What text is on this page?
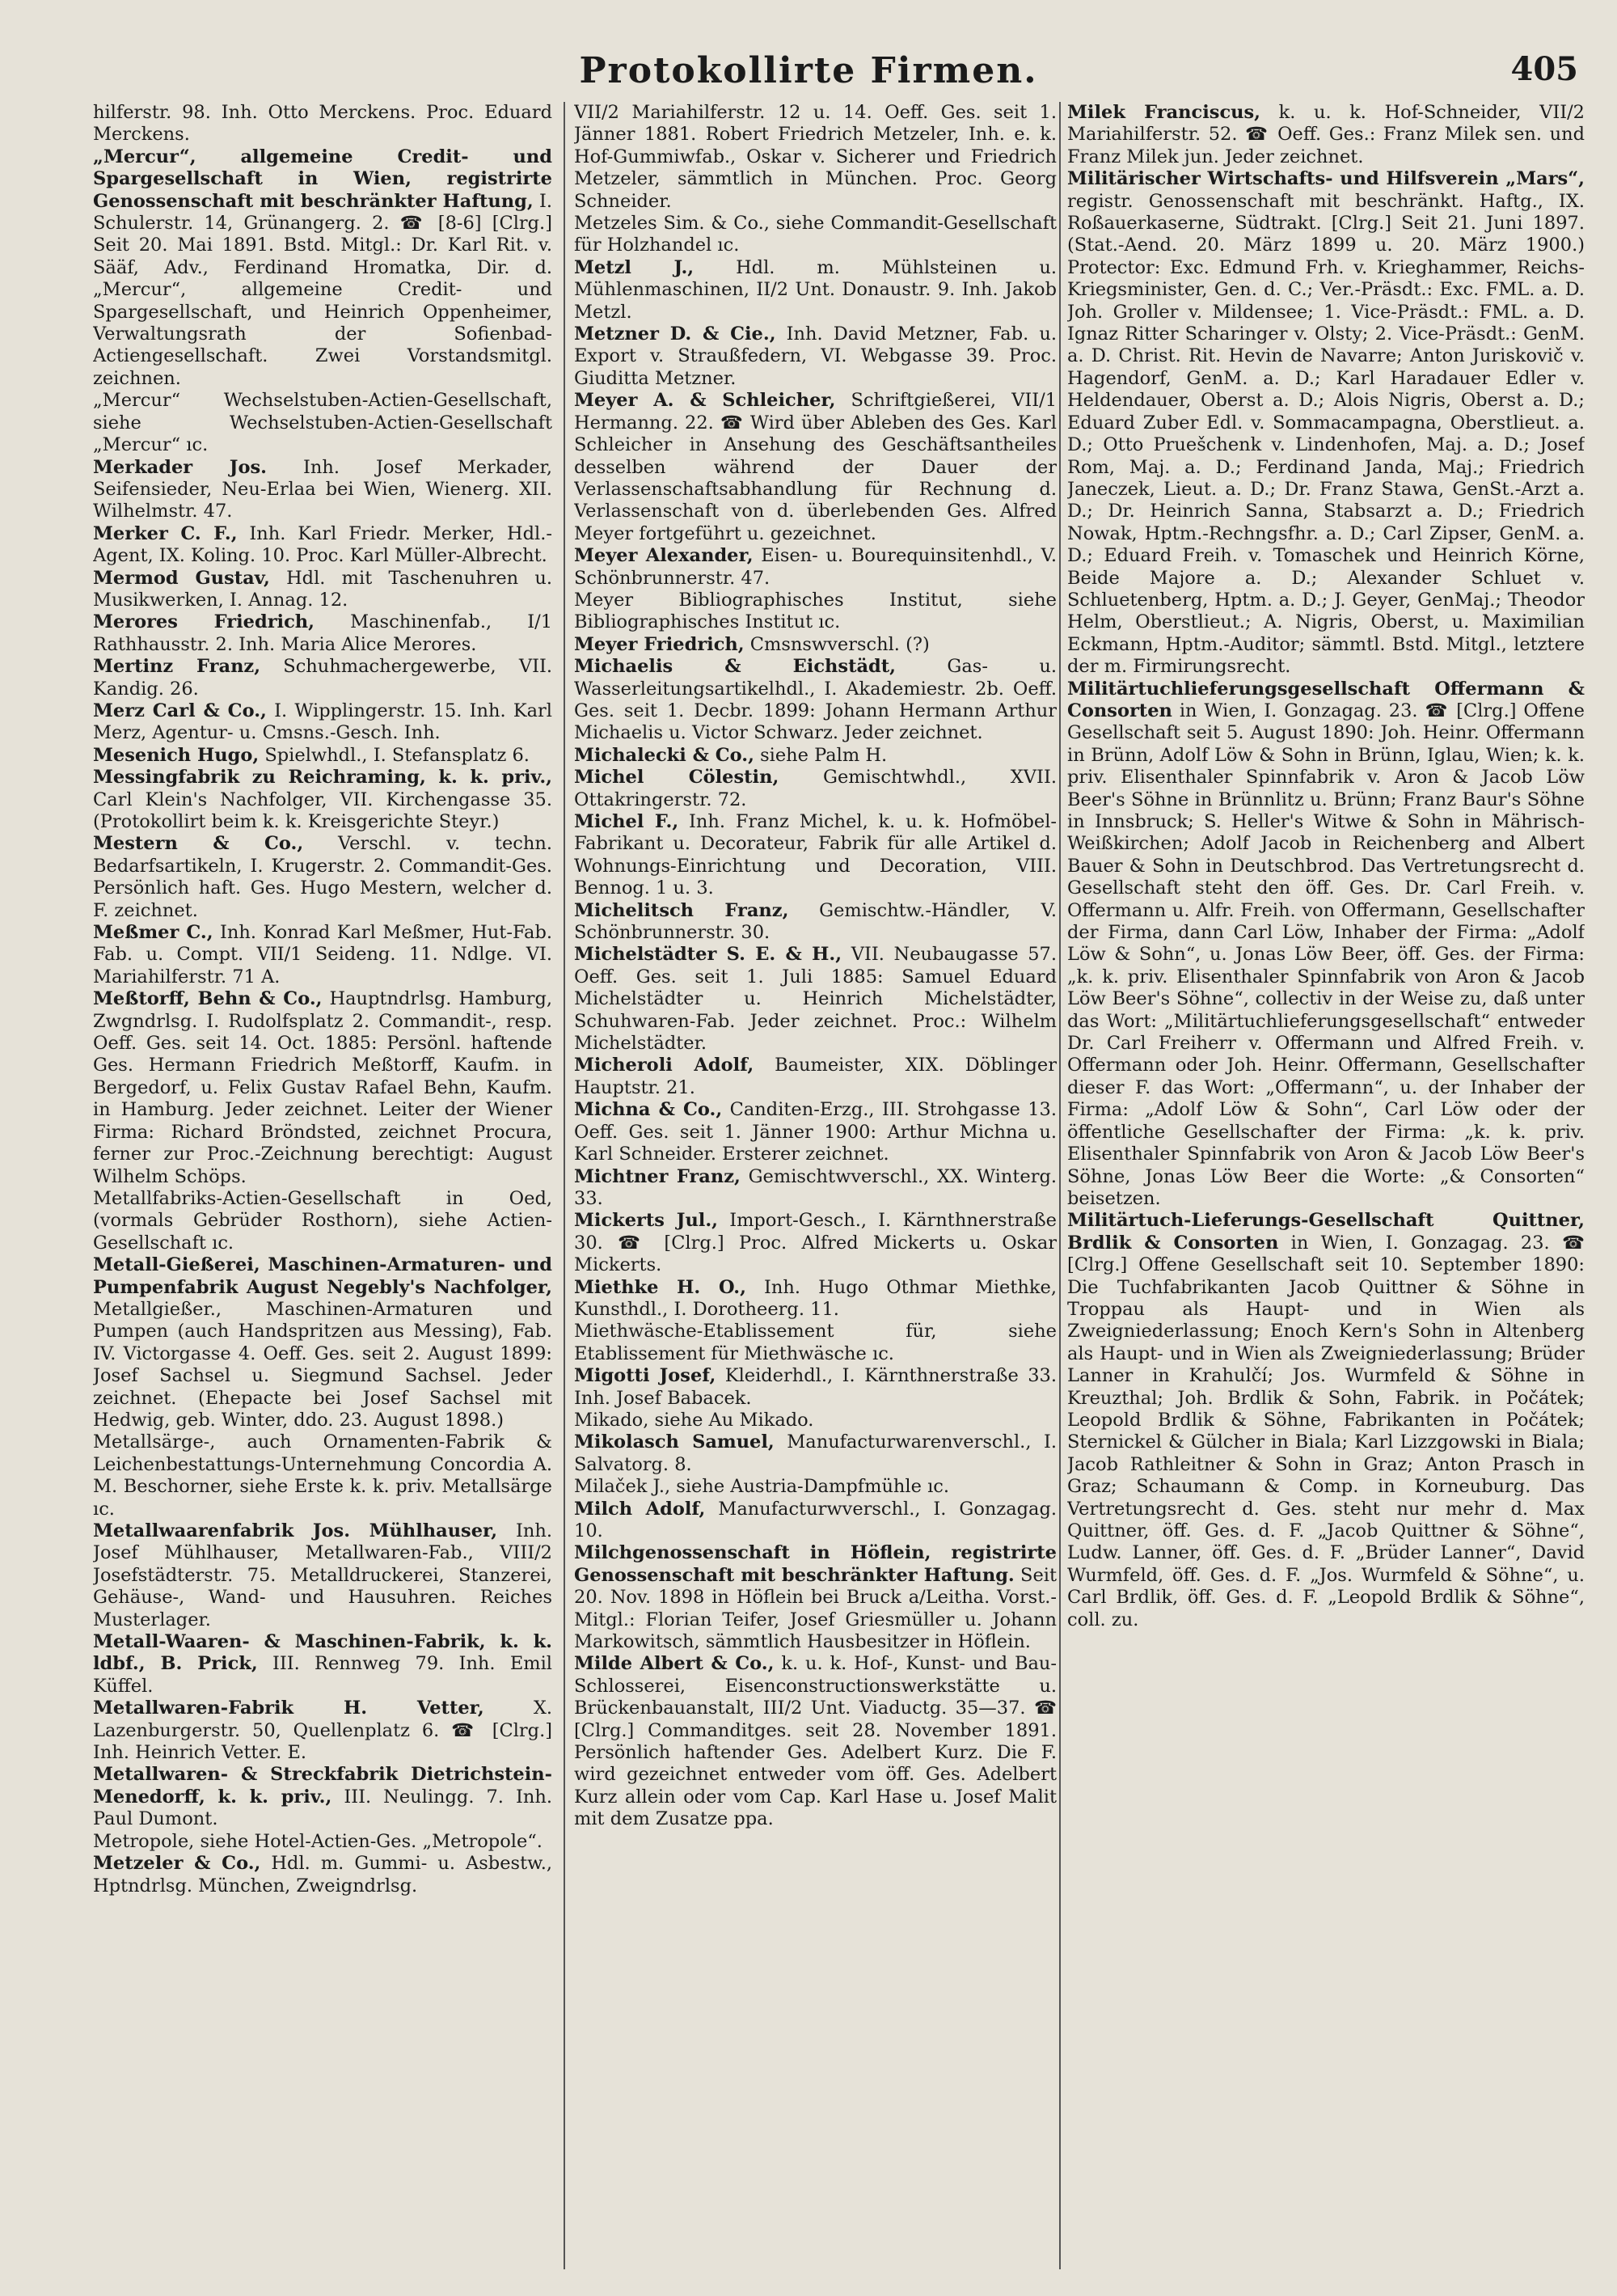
Protokollirte Firmen.	405
hilferstr. 98. Inh. Otto Merckens. Proc. Eduard Merckens.
„Mercur“, allgemeine Credit- und Spargesellschaft in Wien, registrirte Genossenschaft mit beschränkter Haftung, I. Schulerstr. 14, Grünangerg. 2. ☎ [8-6] [Clrg.] Seit 20. Mai 1891. Bstd. Mitgl.: Dr. Karl Rit. v. Sääf, Adv., Ferdinand Hromatka, Dir. d. „Mercur“, allgemeine Credit- und Spargesellschaft, und Heinrich Oppenheimer, Verwaltungsrath der Sofienbad-Actiengesellschaft. Zwei Vorstandsmitgl. zeichnen.
„Mercur“ Wechselstuben-Actien-Gesellschaft, siehe Wechselstuben-Actien-Gesellschaft „Mercur“ ıc.
Merkader Jos. Inh. Josef Merkader, Seifensieder, Neu-Erlaa bei Wien, Wienerg. XII. Wilhelmstr. 47.
Merker C. F., Inh. Karl Friedr. Merker, Hdl.-Agent, IX. Koling. 10. Proc. Karl Müller-Albrecht.
Mermod Gustav, Hdl. mit Taschenuhren u. Musikwerken, I. Annag. 12.
Merores Friedrich, Maschinenfab., I/1 Rathhausstr. 2. Inh. Maria Alice Merores.
Mertinz Franz, Schuhmachergewerbe, VII. Kandig. 26.
Merz Carl & Co., I. Wipplingerstr. 15. Inh. Karl Merz, Agentur- u. Cmsns.-Gesch. Inh.
Mesenich Hugo, Spielwhdl., I. Stefansplatz 6.
Messingfabrik zu Reichraming, k. k. priv., Carl Klein's Nachfolger, VII. Kirchengasse 35. (Protokollirt beim k. k. Kreisgerichte Steyr.)
Mestern & Co., Verschl. v. techn. Bedarfsartikeln, I. Krugerstr. 2. Commandit-Ges. Persönlich haft. Ges. Hugo Mestern, welcher d. F. zeichnet.
Meßmer C., Inh. Konrad Karl Meßmer, Hut-Fab. Fab. u. Compt. VII/1 Seideng. 11. Ndlge. VI. Mariahilferstr. 71 A.
Meßtorff, Behn & Co., Hauptndrlsg. Hamburg, Zwgndrlsg. I. Rudolfsplatz 2. Commandit-, resp. Oeff. Ges. seit 14. Oct. 1885: Persönl. haftende Ges. Hermann Friedrich Meßtorff, Kaufm. in Bergedorf, u. Felix Gustav Rafael Behn, Kaufm. in Hamburg. Jeder zeichnet. Leiter der Wiener Firma: Richard Bröndsted, zeichnet Procura, ferner zur Proc.-Zeichnung berechtigt: August Wilhelm Schöps.
Metallfabriks-Actien-Gesellschaft in Oed, (vormals Gebrüder Rosthorn), siehe Actien-Gesellschaft ıc.
Metall-Gießerei, Maschinen-Armaturen- und Pumpenfabrik August Negebly's Nachfolger, Metallgießer., Maschinen-Armaturen und Pumpen (auch Handspritzen aus Messing), Fab. IV. Victorgasse 4. Oeff. Ges. seit 2. August 1899: Josef Sachsel u. Siegmund Sachsel. Jeder zeichnet. (Ehepacte bei Josef Sachsel mit Hedwig, geb. Winter, ddo. 23. August 1898.)
Metallsärge-, auch Ornamenten-Fabrik & Leichenbestattungs-Unternehmung Concordia A. M. Beschorner, siehe Erste k. k. priv. Metallsärge ıc.
Metallwaarenfabrik Jos. Mühlhauser, Inh. Josef Mühlhauser, Metallwaren-Fab., VIII/2 Josefstädterstr. 75. Metalldruckerei, Stanzerei, Gehäuse-, Wand- und Hausuhren. Reiches Musterlager.
Metall-Waaren- & Maschinen-Fabrik, k. k. ldbf., B. Prick, III. Rennweg 79. Inh. Emil Küffel.
Metallwaren-Fabrik H. Vetter,	X. Lazenburgerstr. 50, Quellenplatz 6. ☎ [Clrg.] Inh. Heinrich Vetter. E.
Metallwaren- & Streckfabrik Dietrichstein-Menedorff, k. k. priv., III. Neulingg. 7. Inh. Paul Dumont.
Metropole, siehe Hotel-Actien-Ges. „Metropole“.
Metzeler & Co., Hdl. m. Gummi- u. Asbestw., Hptndrlsg. München, Zweigndrlsg.
VII/2 Mariahilferstr. 12 u. 14. Oeff. Ges. seit 1. Jänner 1881. Robert Friedrich Metzeler, Inh. e. k. Hof-Gummiwfab., Oskar v. Sicherer und Friedrich Metzeler, sämmtlich in München. Proc. Georg Schneider.
Metzeles Sim. & Co., siehe Commandit-Gesellschaft für Holzhandel ıc.
Metzl J., Hdl. m. Mühlsteinen u. Mühlenmaschinen, II/2 Unt. Donaustr. 9. Inh. Jakob Metzl.
Metzner D. & Cie., Inh. David Metzner, Fab. u. Export v. Straußfedern, VI. Webgasse 39. Proc. Giuditta Metzner.
Meyer A. & Schleicher, Schriftgießerei, VII/1 Hermanng. 22. ☎ Wird über Ableben des Ges. Karl Schleicher in Ansehung des Geschäftsantheiles desselben während der Dauer der Verlassenschaftsabhandlung für Rechnung d. Verlassenschaft von d. überlebenden Ges. Alfred Meyer fortgeführt u. gezeichnet.
Meyer Alexander, Eisen- u. Bourequinsitenhdl., V. Schönbrunnerstr. 47.
Meyer Bibliographisches Institut, siehe Bibliographisches Institut ıc.
Meyer Friedrich, Cmsnswverschl. (?)
Michaelis & Eichstädt,	Gas- u. Wasserleitungsartikelhdl., I. Akademiestr. 2b. Oeff. Ges. seit 1. Decbr. 1899: Johann Hermann Arthur Michaelis u. Victor Schwarz. Jeder zeichnet.
Michalecki & Co., siehe Palm H.
Michel Cölestin, Gemischtwhdl., XVII. Ottakringerstr. 72.
Michel F., Inh. Franz Michel, k. u. k. Hofmöbel-Fabrikant u. Decorateur, Fabrik für alle Artikel d. Wohnungs-Einrichtung und Decoration, VIII. Bennog. 1 u. 3.
Michelitsch Franz, Gemischtw.-Händler, V. Schönbrunnerstr. 30.
Michelstädter S. E. & H., VII. Neubaugasse 57. Oeff. Ges. seit 1. Juli 1885: Samuel Eduard Michelstädter u. Heinrich Michelstädter, Schuhwaren-Fab. Jeder zeichnet. Proc.: Wilhelm Michelstädter.
Micheroli Adolf, Baumeister, XIX. Döblinger Hauptstr. 21.
Michna & Co., Canditen-Erzg., III. Strohgasse 13. Oeff. Ges. seit 1. Jänner 1900: Arthur Michna u. Karl Schneider. Ersterer zeichnet.
Michtner Franz, Gemischtwverschl., XX. Winterg. 33.
Mickerts Jul., Import-Gesch., I. Kärnthnerstraße 30. ☎ [Clrg.] Proc. Alfred Mickerts u. Oskar Mickerts.
Miethke H. O., Inh. Hugo Othmar Miethke, Kunsthdl., I. Dorotheerg. 11.
Miethwäsche-Etablissement für, siehe Etablissement für Miethwäsche ıc.
Migotti Josef, Kleiderhdl., I. Kärnthnerstraße 33. Inh. Josef Babacek.
Mikado, siehe Au Mikado.
Mikolasch Samuel, Manufacturwarenverschl., I. Salvatorg. 8.
Milaček J., siehe Austria-Dampfmühle ıc.
Milch Adolf, Manufacturwverschl., I. Gonzagag. 10.
Milchgenossenschaft in Höflein, registrirte Genossenschaft mit beschränkter Haftung. Seit 20. Nov. 1898 in Höflein bei Bruck a/Leitha. Vorst.-Mitgl.: Florian Teifer, Josef Griesmüller u. Johann Markowitsch, sämmtlich Hausbesitzer in Höflein.
Milde Albert & Co., k. u. k. Hof-, Kunst- und Bau-Schlosserei, Eisenconstructionswerkstätte u. Brückenbauanstalt, III/2 Unt. Viaductg. 35—37. ☎ [Clrg.] Commanditges. seit 28. November 1891. Persönlich haftender Ges. Adelbert Kurz. Die F. wird gezeichnet entweder vom öff. Ges. Adelbert Kurz allein oder vom Cap. Karl Hase u. Josef Malit mit dem Zusatze ppa.
Milek Franciscus, k. u. k. Hof-Schneider, VII/2 Mariahilferstr. 52. ☎ Oeff. Ges.: Franz Milek sen. und Franz Milek jun. Jeder zeichnet.
Militärischer Wirtschafts- und Hilfsverein „Mars“, registr. Genossenschaft mit beschränkt. Haftg., IX. Roßauerkaserne, Südtrakt. [Clrg.] Seit 21. Juni 1897. (Stat.-Aend. 20. März 1899 u. 20. März 1900.) Protector: Exc. Edmund Frh. v. Krieghammer, Reichs-Kriegsminister, Gen. d. C.; Ver.-Präsdt.: Exc. FML. a. D. Joh. Groller v. Mildensee; 1. Vice-Präsdt.: FML. a. D. Ignaz Ritter Scharinger v. Olsty; 2. Vice-Präsdt.: GenM. a. D. Christ. Rit. Hevin de Navarre; Anton Juriskovič v. Hagendorf, GenM. a. D.; Karl Haradauer Edler v. Heldendauer, Oberst a. D.; Alois Nigris, Oberst a. D.; Eduard Zuber Edl. v. Sommacampagna, Oberstlieut. a. D.; Otto Pruešchenk v. Lindenhofen, Maj. a. D.; Josef Rom, Maj. a. D.; Ferdinand Janda, Maj.; Friedrich Janeczek, Lieut. a. D.; Dr. Franz Stawa, GenSt.-Arzt a. D.; Dr. Heinrich Sanna, Stabsarzt a. D.; Friedrich Nowak, Hptm.-Rechngsfhr. a. D.; Carl Zipser, GenM. a. D.; Eduard Freih. v. Tomaschek und Heinrich Körne, Beide Majore a. D.; Alexander Schluet v. Schluetenberg, Hptm. a. D.; J. Geyer, GenMaj.; Theodor Helm, Oberstlieut.; A. Nigris, Oberst, u. Maximilian Eckmann, Hptm.-Auditor; sämmtl. Bstd. Mitgl., letztere der m. Firmirungsrecht.
Militärtuchlieferungsgesellschaft Offermann & Consorten in Wien, I. Gonzagag. 23. ☎ [Clrg.] Offene Gesellschaft seit 5. August 1890: Joh. Heinr. Offermann in Brünn, Adolf Löw & Sohn in Brünn, Iglau, Wien; k. k. priv. Elisenthaler Spinnfabrik v. Aron & Jacob Löw Beer's Söhne in Brünnlitz u. Brünn; Franz Baur's Söhne in Innsbruck; S. Heller's Witwe & Sohn in Mährisch-Weißkirchen; Adolf Jacob in Reichenberg and Albert Bauer & Sohn in Deutschbrod. Das Vertretungsrecht d. Gesellschaft steht den öff. Ges. Dr. Carl Freih. v. Offermann u. Alfr. Freih. von Offermann, Gesellschafter der Firma, dann Carl Löw, Inhaber der Firma: „Adolf Löw & Sohn“, u. Jonas Löw Beer, öff. Ges. der Firma: „k. k. priv. Elisenthaler Spinnfabrik von Aron & Jacob Löw Beer's Söhne“, collectiv in der Weise zu, daß unter das Wort: „Militärtuchlieferungsgesellschaft“ entweder Dr. Carl Freiherr v. Offermann und Alfred Freih. v. Offermann oder Joh. Heinr. Offermann, Gesellschafter dieser F. das Wort: „Offermann“, u. der Inhaber der Firma: „Adolf Löw & Sohn“, Carl Löw oder der öffentliche Gesellschafter der Firma: „k. k. priv. Elisenthaler Spinnfabrik von Aron & Jacob Löw Beer's Söhne, Jonas Löw Beer die Worte: „& Consorten“ beisetzen.
Militärtuch-Lieferungs-Gesellschaft Quittner, Brdlik & Consorten in Wien, I. Gonzagag. 23. ☎ [Clrg.] Offene Gesellschaft seit 10. September 1890: Die Tuchfabrikanten Jacob Quittner & Söhne in Troppau als Haupt- und in Wien als Zweigniederlassung; Enoch Kern's Sohn in Altenberg als Haupt- und in Wien als Zweigniederlassung; Brüder Lanner in Krahulčí; Jos. Wurmfeld & Söhne in Kreuzthal; Joh. Brdlik & Sohn, Fabrik. in Počátek; Leopold Brdlik & Söhne, Fabrikanten in Počátek; Sternickel & Gülcher in Biala; Karl Lizzgowski in Biala; Jacob Rathleitner & Sohn in Graz; Anton Prasch in Graz; Schaumann & Comp. in Korneuburg. Das Vertretungsrecht d. Ges. steht nur mehr d. Max Quittner, öff. Ges. d. F. „Jacob Quittner & Söhne“, Ludw. Lanner, öff. Ges. d. F. „Brüder Lanner“, David Wurmfeld, öff. Ges. d. F. „Jos. Wurmfeld & Söhne“, u. Carl Brdlik, öff. Ges. d. F. „Leopold Brdlik & Söhne“, coll. zu.
